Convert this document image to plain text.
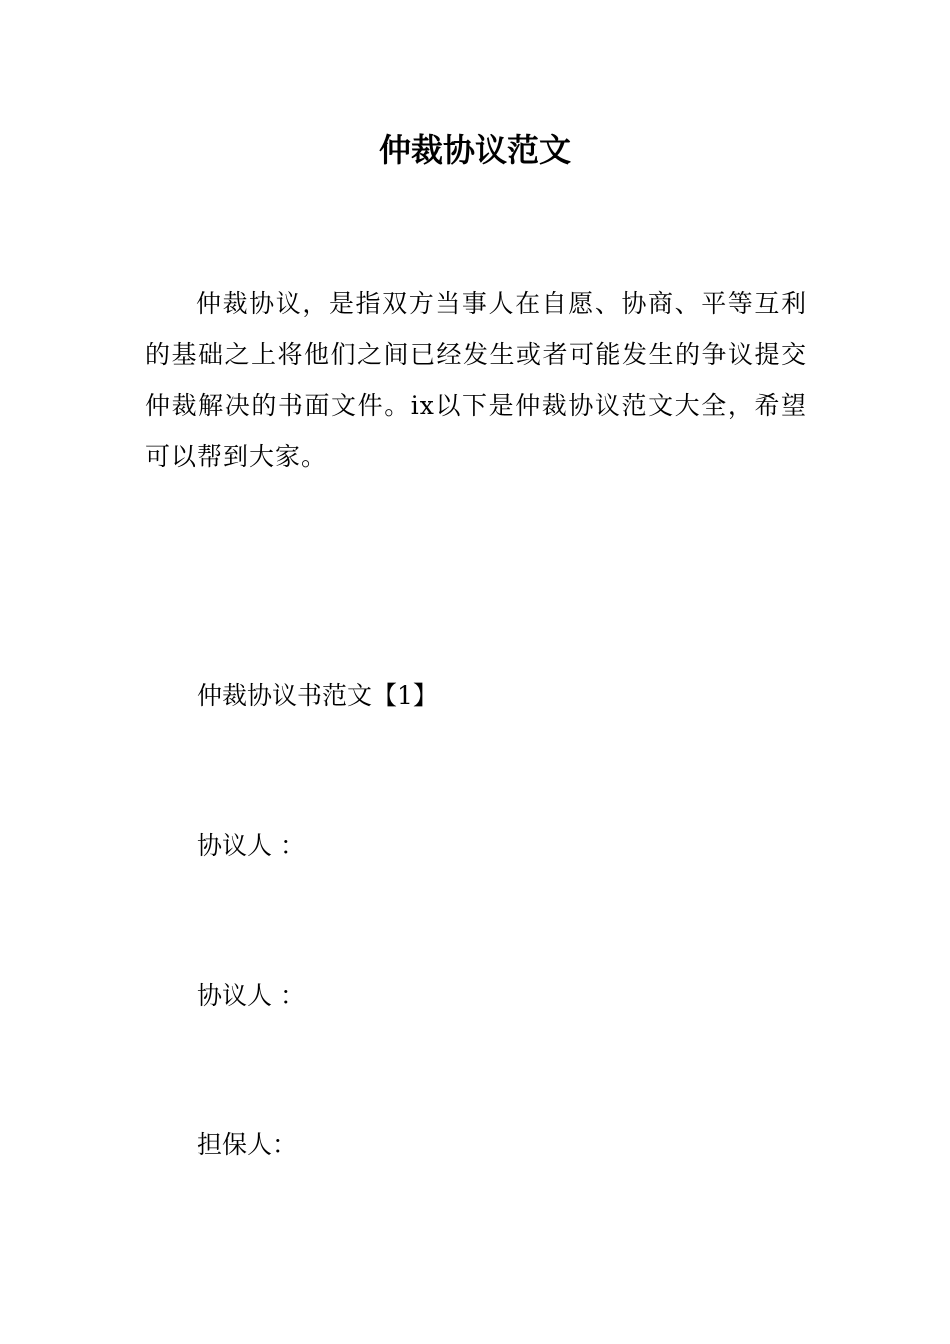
仲裁协议范文

仲裁协议，是指双方当事人在自愿、协商、平等互利的基础之上将他们之间已经发生或者可能发生的争议提交仲裁解决的书面文件。ix以下是仲裁协议范文大全，希望可以帮到大家。

仲裁协议书范文【1】

协议人 ：

协议人 ：

担保人：
